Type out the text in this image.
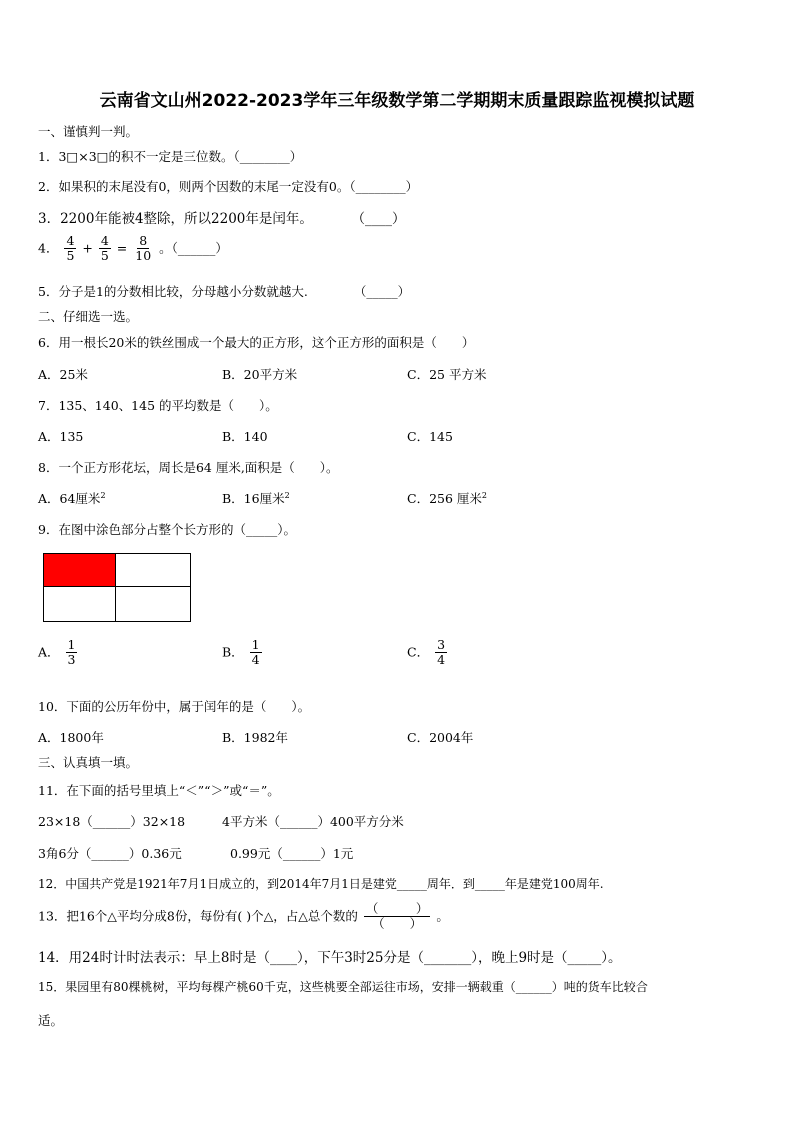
云南省文山州2022-2023学年三年级数学第二学期期末质量跟踪监视模拟试题
一、谨慎判一判。
1．3□×3□的积不一定是三位数。（________）
2．如果积的末尾没有0，则两个因数的末尾一定没有0。（________）
3．2200年能被4整除，所以2200年是闰年。	（____）
4． $\frac{4}{5} + \frac{4}{5} = \frac{8}{10}$ 。（______）
5．分子是1的分数相比较，分母越小分数就越大.	（_____）
二、仔细选一选。
6．用一根长20米的铁丝围成一个最大的正方形，这个正方形的面积是（　　）
A．25米	B．20平方米	C．25 平方米
7．135、140、145 的平均数是（　　）。
A．135	B．140	C．145
8．一个正方形花坛，周长是64 厘米,面积是（　　）。
A．64厘米$^2$	B．16厘米$^2$	C．256 厘米$^2$
9．在图中涂色部分占整个长方形的（_____）。
A． $\frac{1}{3}$	B． $\frac{1}{4}$	C． $\frac{3}{4}$
10．下面的公历年份中，属于闰年的是（　　）。
A．1800年	B．1982年	C．2004年
三、认真填一填。
11．在下面的括号里填上“＜”“＞”或“＝”。
23×18（______）32×18	4平方米（______）400平方分米
3角6分（______）0.36元	0.99元（______）1元
12．中国共产党是1921年7月1日成立的，到2014年7月1日是建党_____周年．到_____年是建党100周年.
13．把16个△平均分成8份，每份有( )个△，占△总个数的 $\frac{( )}{( )}$ 。
14．用24时计时法表示：早上8时是（____），下午3时25分是（_______），晚上9时是（_____）。
15．果园里有80棵桃树，平均每棵产桃60千克，这些桃要全部运往市场，安排一辆载重（______）吨的货车比较合
适。
